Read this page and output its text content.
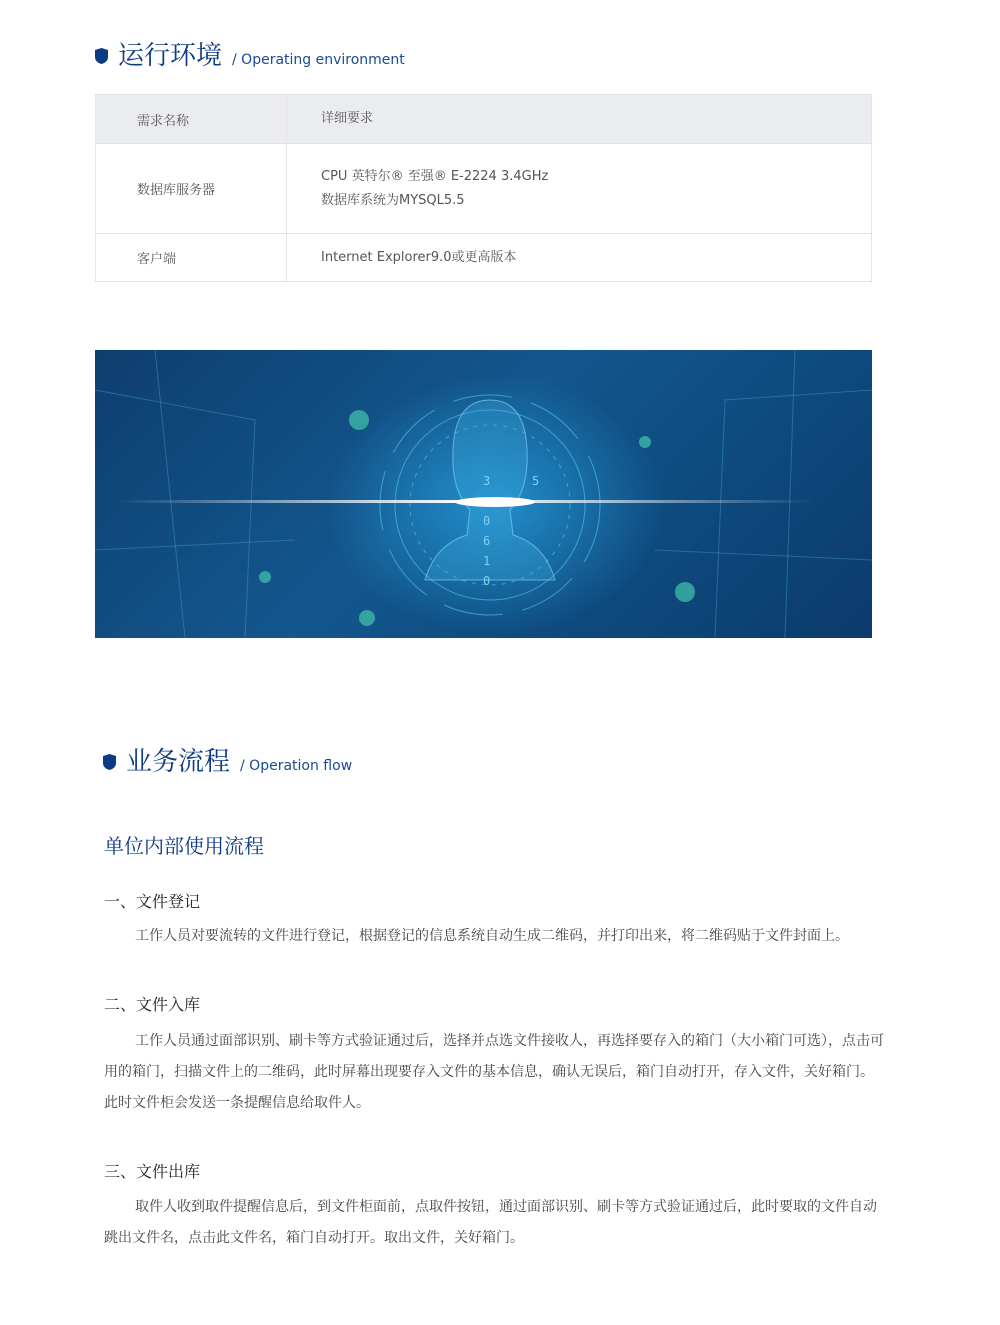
运行环境 / Operating environment
需求名称	详细要求
数据库服务器	CPU 英特尔® 至强® E-2224 3.4GHz
数据库系统为MYSQL5.5

客户端	Internet Explorer9.0或更高版本
5
0
6
1
0
3
业务流程 / Operation flow
单位内部使用流程
一、文件登记
工作人员对要流转的文件进行登记，根据登记的信息系统自动生成二维码，并打印出来，将二维码贴于文件封面上。
二、文件入库
工作人员通过面部识别、刷卡等方式验证通过后，选择并点选文件接收人，再选择要存入的箱门（大小箱门可选），点击可用的箱门，扫描文件上的二维码，此时屏幕出现要存入文件的基本信息，确认无误后，箱门自动打开，存入文件，关好箱门。此时文件柜会发送一条提醒信息给取件人。
三、文件出库
取件人收到取件提醒信息后，到文件柜面前，点取件按钮，通过面部识别、刷卡等方式验证通过后，此时要取的文件自动跳出文件名，点击此文件名，箱门自动打开。取出文件，关好箱门。
